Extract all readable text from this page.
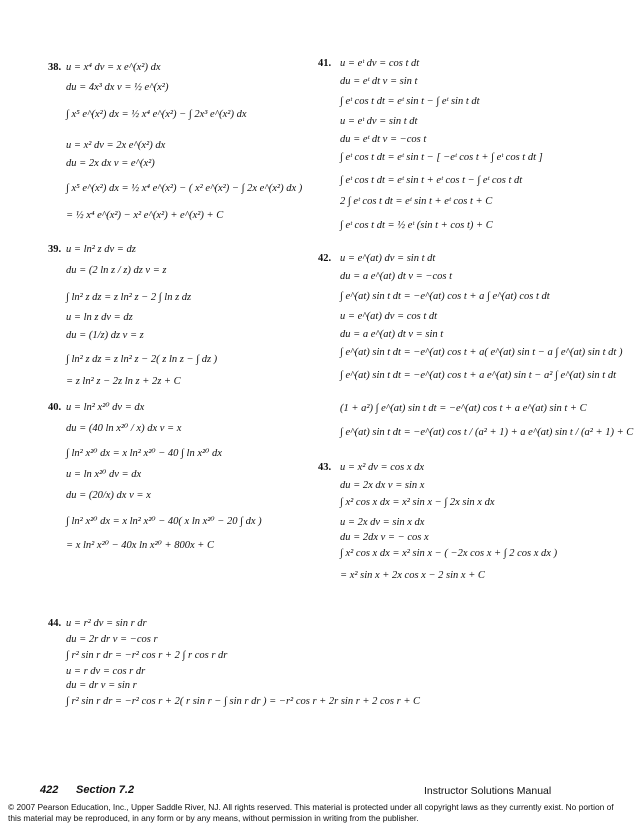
38. u = x⁴ dv = x e^(x²) dx
du = 4x³ dx v = ½ e^(x²)
∫ x⁵ e^(x²) dx = ½ x⁴ e^(x²) − ∫ 2x³ e^(x²) dx
u = x² dv = 2x e^(x²) dx
du = 2x dx v = e^(x²)
∫ x⁵ e^(x²) dx = ½ x⁴ e^(x²) − ( x² e^(x²) − ∫ 2x e^(x²) dx )
= ½ x⁴ e^(x²) − x² e^(x²) + e^(x²) + C
39. u = ln² z dv = dz
du = (2 ln z / z) dz v = z
∫ ln² z dz = z ln² z − 2 ∫ ln z dz
u = ln z dv = dz
du = (1/z) dz v = z
∫ ln² z dz = z ln² z − 2( z ln z − ∫ dz )
= z ln² z − 2z ln z + 2z + C
40. u = ln² x²⁰ dv = dx
du = (40 ln x²⁰ / x) dx v = x
∫ ln² x²⁰ dx = x ln² x²⁰ − 40 ∫ ln x²⁰ dx
u = ln x²⁰ dv = dx
du = (20/x) dx v = x
∫ ln² x²⁰ dx = x ln² x²⁰ − 40( x ln x²⁰ − 20 ∫ dx )
= x ln² x²⁰ − 40x ln x²⁰ + 800x + C
41. u = eᵗ dv = cos t dt
du = eᵗ dt v = sin t
∫ eᵗ cos t dt = eᵗ sin t − ∫ eᵗ sin t dt
u = eᵗ dv = sin t dt
du = eᵗ dt v = −cos t
∫ eᵗ cos t dt = eᵗ sin t − [ −eᵗ cos t + ∫ eᵗ cos t dt ]
∫ eᵗ cos t dt = eᵗ sin t + eᵗ cos t − ∫ eᵗ cos t dt
2 ∫ eᵗ cos t dt = eᵗ sin t + eᵗ cos t + C
∫ eᵗ cos t dt = ½ eᵗ (sin t + cos t) + C
42. u = e^(at) dv = sin t dt
du = a e^(at) dt v = −cos t
∫ e^(at) sin t dt = −e^(at) cos t + a ∫ e^(at) cos t dt
u = e^(at) dv = cos t dt
du = a e^(at) dt v = sin t
∫ e^(at) sin t dt = −e^(at) cos t + a( e^(at) sin t − a ∫ e^(at) sin t dt )
∫ e^(at) sin t dt = −e^(at) cos t + a e^(at) sin t − a² ∫ e^(at) sin t dt
(1 + a²) ∫ e^(at) sin t dt = −e^(at) cos t + a e^(at) sin t + C
∫ e^(at) sin t dt = −e^(at) cos t / (a² + 1) + a e^(at) sin t / (a² + 1) + C
43. u = x² dv = cos x dx
du = 2x dx v = sin x
∫ x² cos x dx = x² sin x − ∫ 2x sin x dx
u = 2x dv = sin x dx
du = 2dx v = − cos x
∫ x² cos x dx = x² sin x − ( −2x cos x + ∫ 2 cos x dx )
= x² sin x + 2x cos x − 2 sin x + C
44. u = r² dv = sin r dr
du = 2r dr v = −cos r
∫ r² sin r dr = −r² cos r + 2 ∫ r cos r dr
u = r dv = cos r dr
du = dr v = sin r
∫ r² sin r dr = −r² cos r + 2( r sin r − ∫ sin r dr ) = −r² cos r + 2r sin r + 2 cos r + C
422 Section 7.2	Instructor Solutions Manual
© 2007 Pearson Education, Inc., Upper Saddle River, NJ. All rights reserved. This material is protected under all copyright laws as they currently exist. No portion of
this material may be reproduced, in any form or by any means, without permission in writing from the publisher.
